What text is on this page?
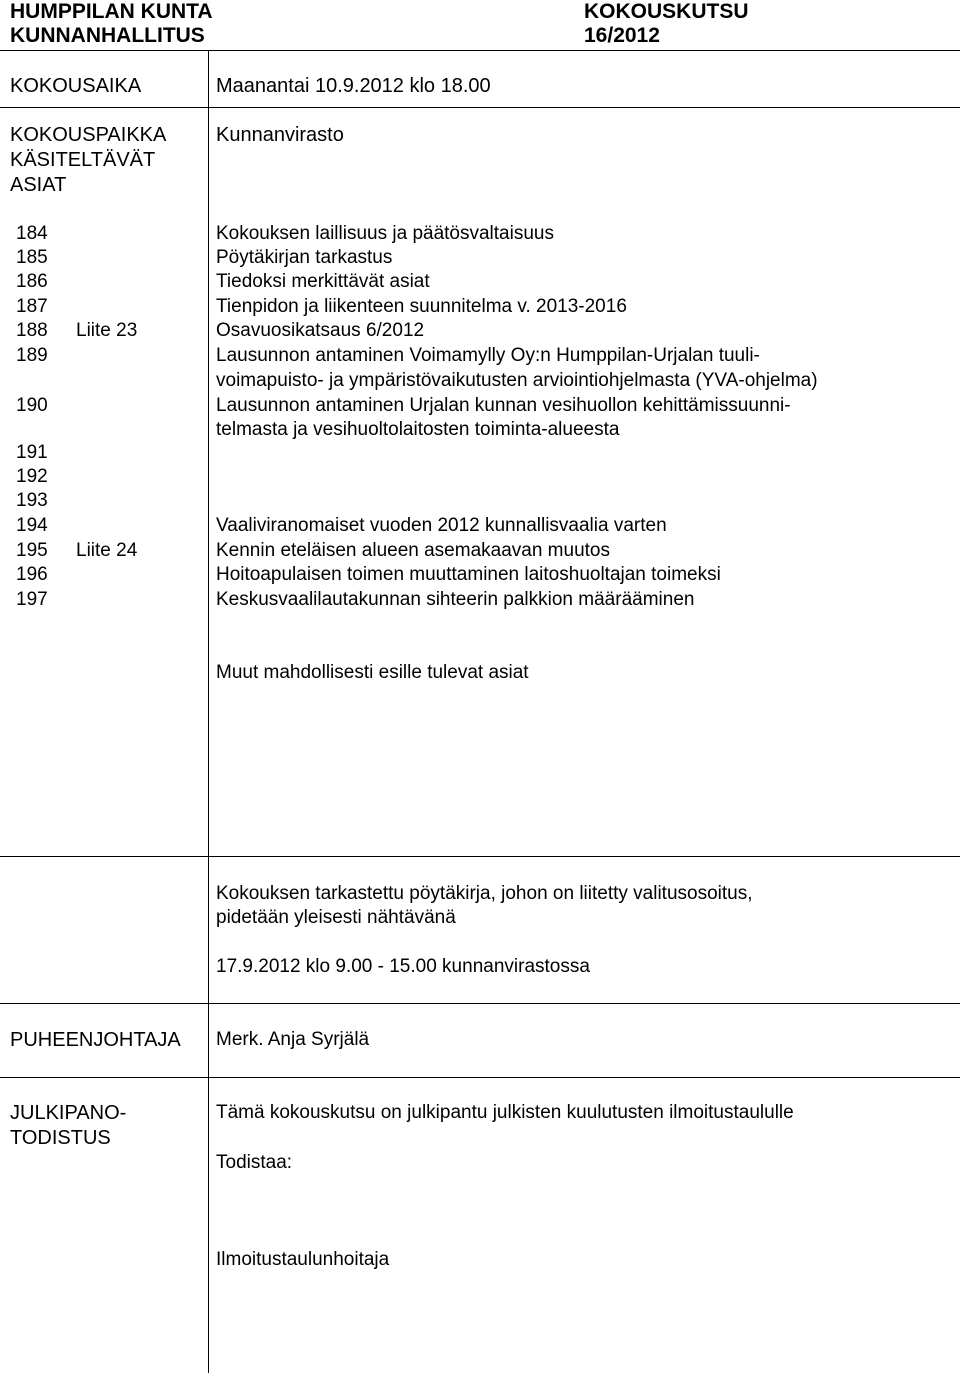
HUMPPILAN KUNTA
KUNNANHALLITUS
KOKOUSKUTSU
16/2012
KOKOUSAIKA	Maanantai 10.9.2012 klo 18.00
KOKOUSPAIKKA Kunnanvirasto
KÄSITELTÄVÄT
ASIAT
184	Kokouksen laillisuus ja päätösvaltaisuus
185	Pöytäkirjan tarkastus
186	Tiedoksi merkittävät asiat
187	Tienpidon ja liikenteen suunnitelma v. 2013-2016
188 Liite 23	Osavuosikatsaus 6/2012
189	Lausunnon antaminen Voimamylly Oy:n Humppilan-Urjalan tuuli-
voimapuisto- ja ympäristövaikutusten arviointiohjelmasta (YVA-ohjelma)
190	Lausunnon antaminen Urjalan kunnan vesihuollon kehittämissuunni-
telmasta ja vesihuoltolaitosten toiminta-alueesta
191
192
193
194	Vaaliviranomaiset vuoden 2012 kunnallisvaalia varten
195 Liite 24	Kennin eteläisen alueen asemakaavan muutos
196	Hoitoapulaisen toimen muuttaminen laitoshuoltajan toimeksi
197	Keskusvaalilautakunnan sihteerin palkkion määrääminen
Muut mahdollisesti esille tulevat asiat
Kokouksen tarkastettu pöytäkirja, johon on liitetty valitusosoitus,
pidetään yleisesti nähtävänä
17.9.2012 klo 9.00 - 15.00 kunnanvirastossa
PUHEENJOHTAJA Merk. Anja Syrjälä
JULKIPANO-
TODISTUS
Tämä kokouskutsu on julkipantu julkisten kuulutusten ilmoitustaululle
Todistaa:
Ilmoitustaulunhoitaja
